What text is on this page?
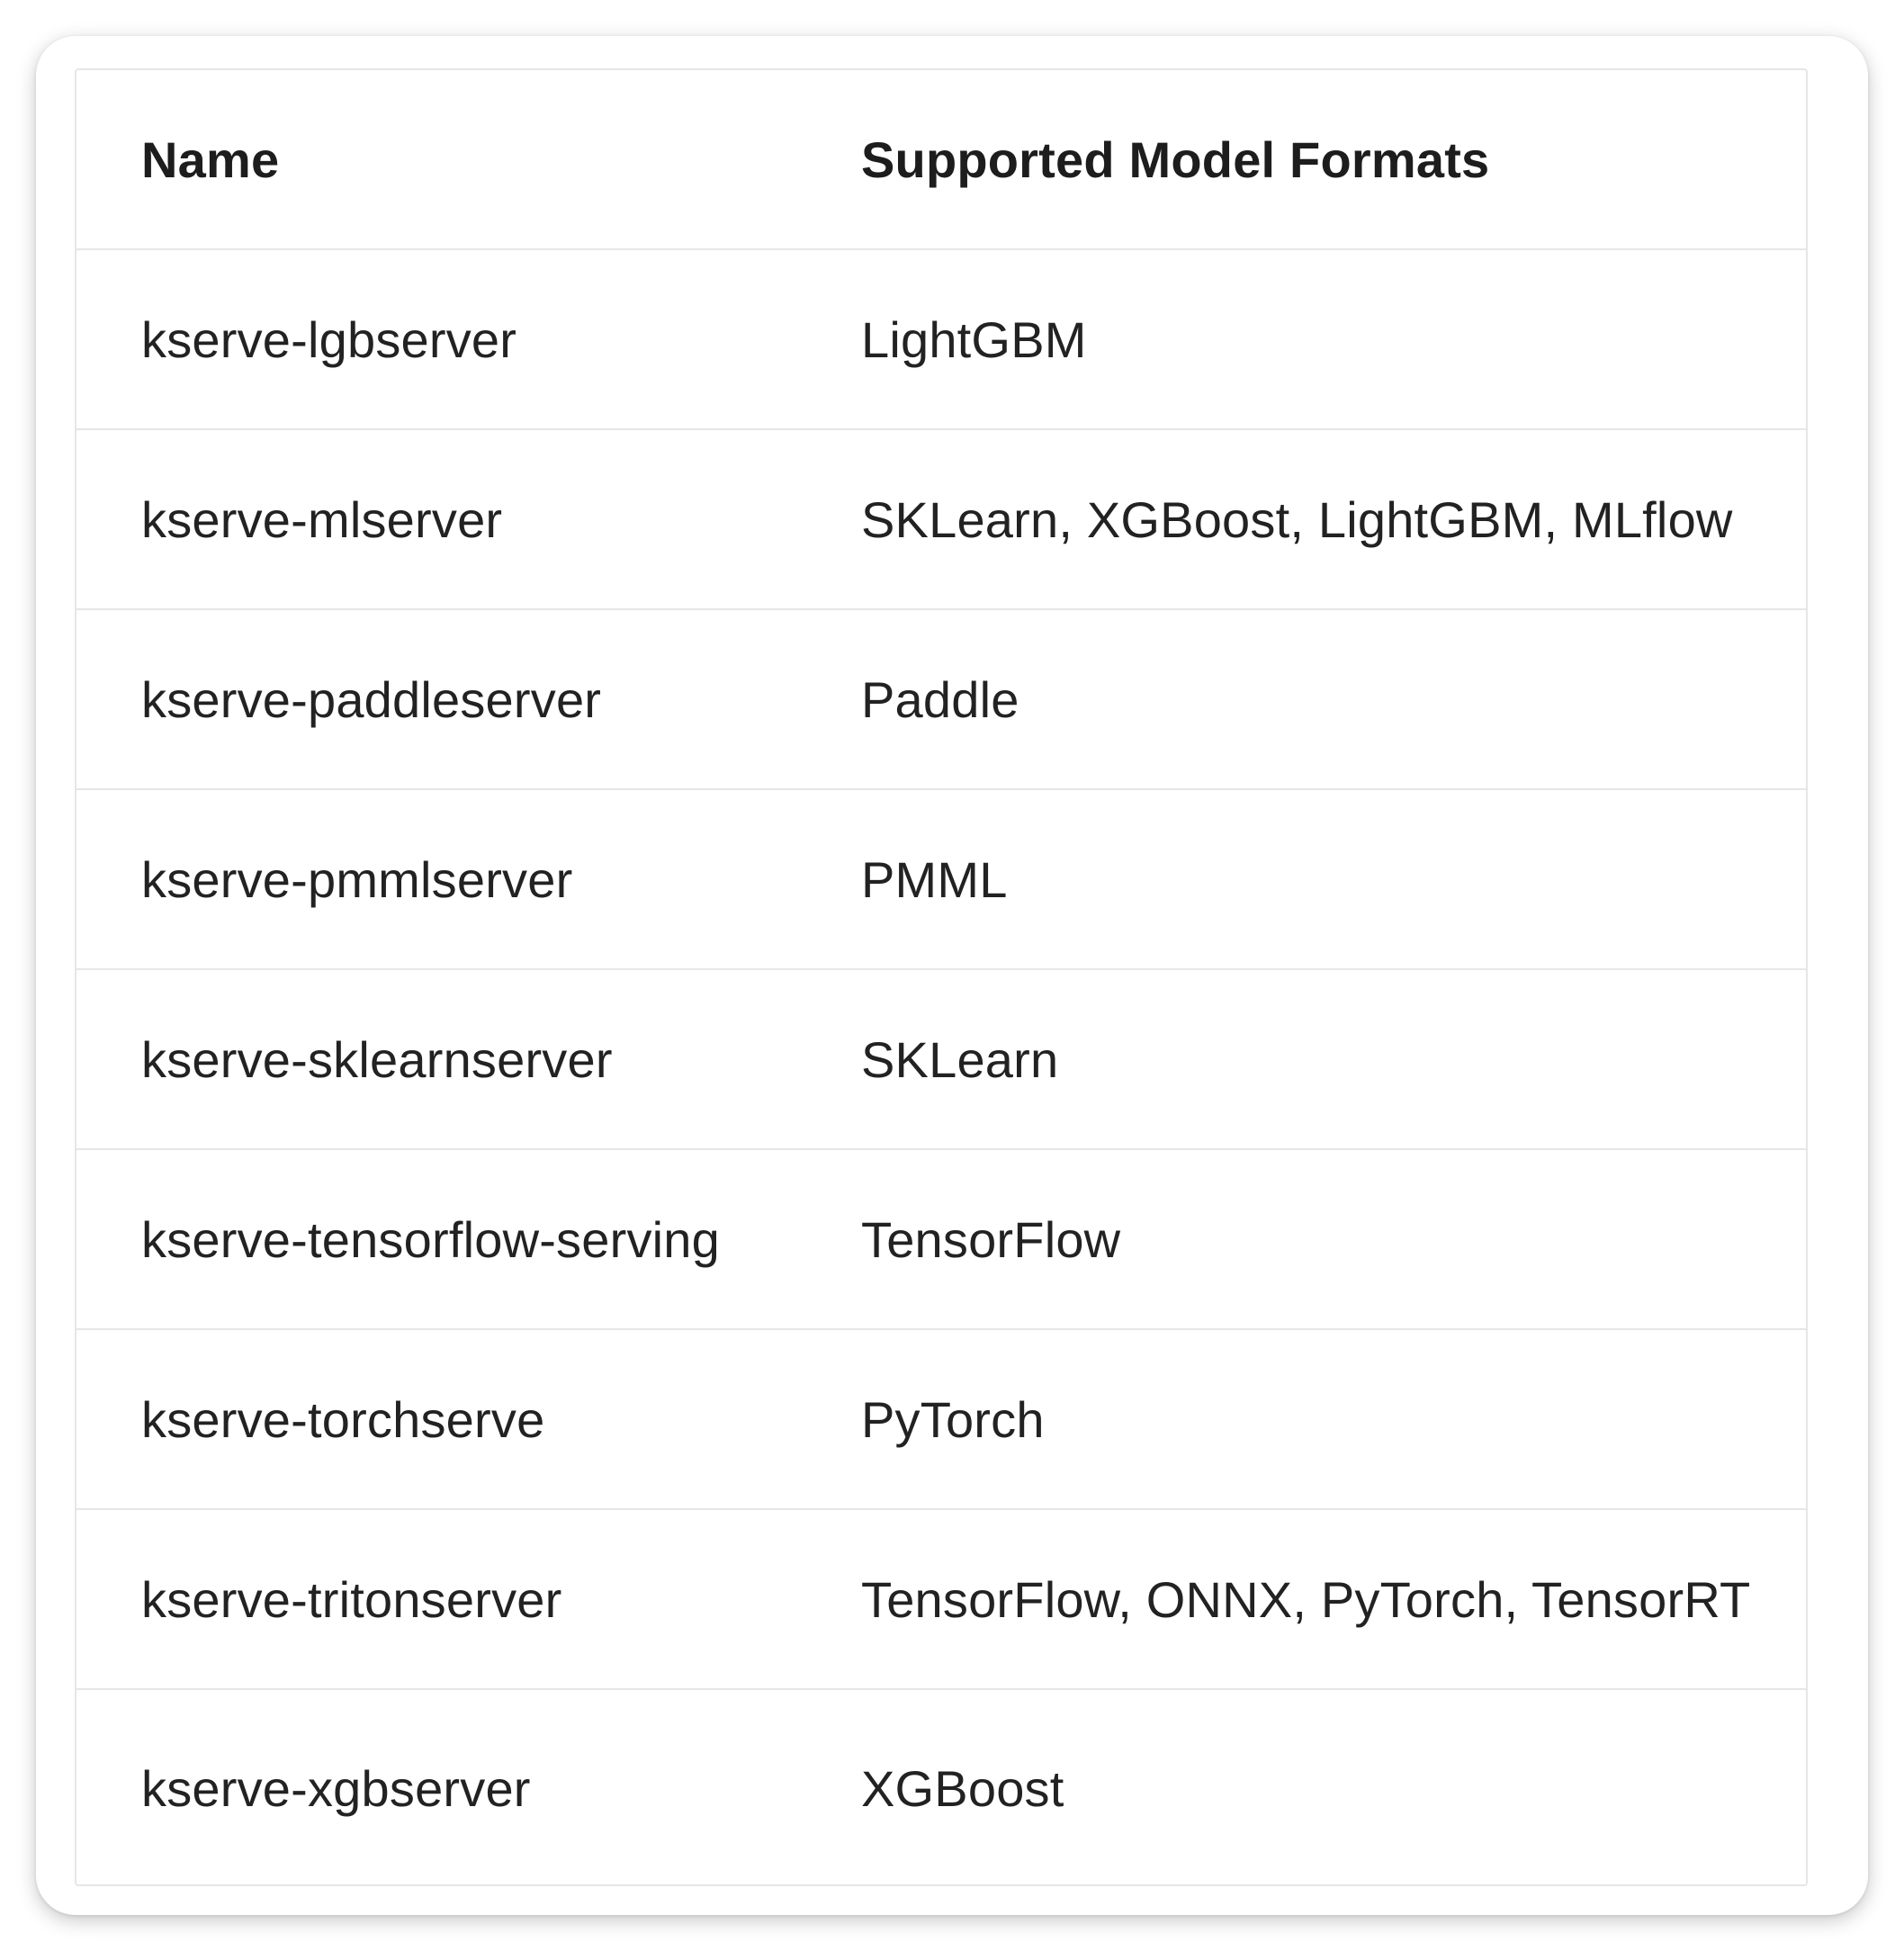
Name	Supported Model Formats
kserve-lgbserver	LightGBM
kserve-mlserver	SKLearn, XGBoost, LightGBM, MLflow
kserve-paddleserver	Paddle
kserve-pmmlserver	PMML
kserve-sklearnserver	SKLearn
kserve-tensorflow-serving	TensorFlow
kserve-torchserve	PyTorch
kserve-tritonserver	TensorFlow, ONNX, PyTorch, TensorRT
kserve-xgbserver	XGBoost
